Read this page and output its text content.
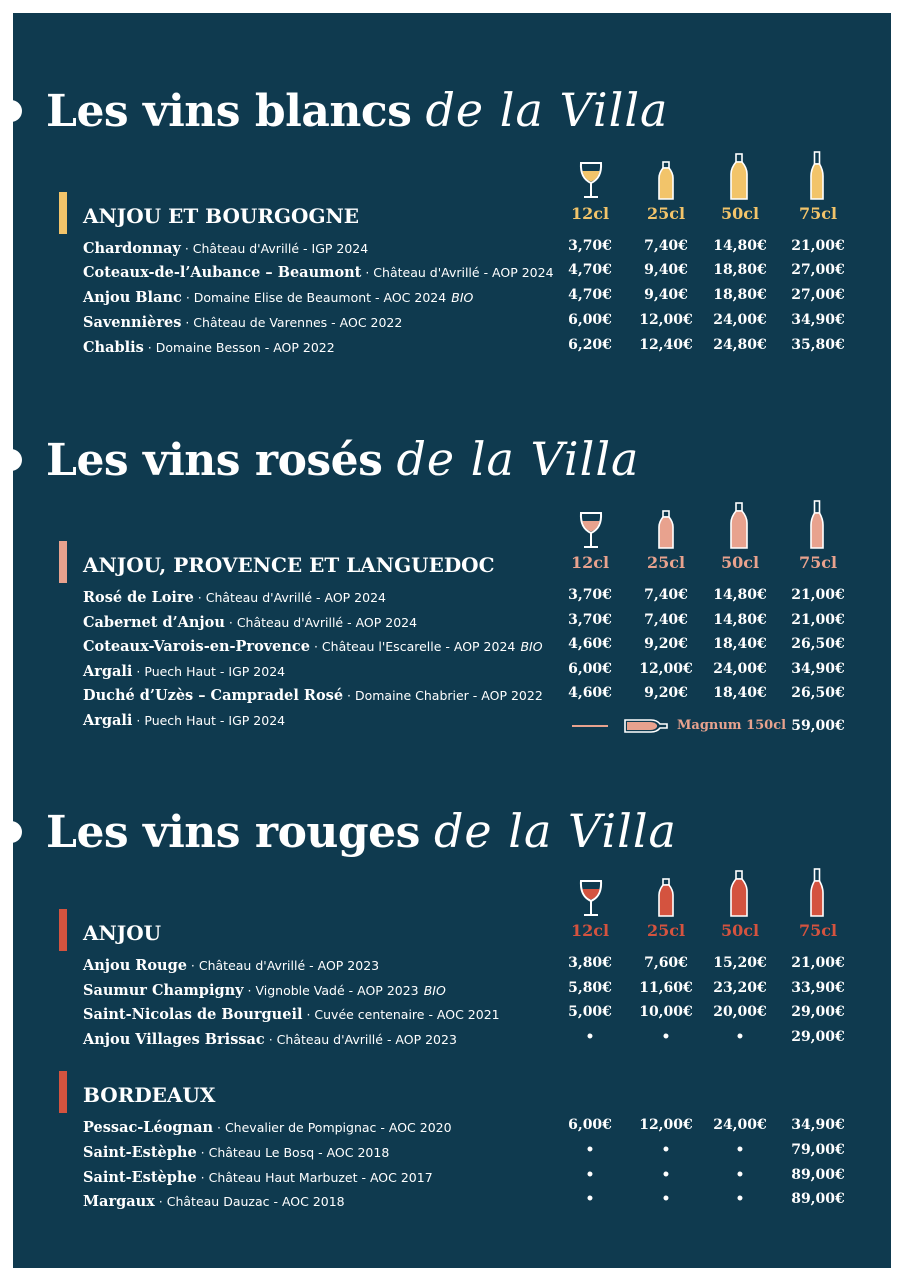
Les vins blancs de la Villa
ANJOU ET BOURGOGNE	12cl	25cl	50cl	75cl
Chardonnay · Château d'Avrillé - IGP 2024	3,70€	7,40€	14,80€	21,00€
Coteaux-de-l’Aubance – Beaumont · Château d'Avrillé - AOP 2024	4,70€	9,40€	18,80€	27,00€
Anjou Blanc · Domaine Elise de Beaumont - AOC 2024 BIO	4,70€	9,40€	18,80€	27,00€
Savennières · Château de Varennes - AOC 2022	6,00€	12,00€	24,00€	34,90€
Chablis · Domaine Besson - AOP 2022	6,20€	12,40€	24,80€	35,80€
Les vins rosés de la Villa
ANJOU, PROVENCE ET LANGUEDOC	12cl	25cl	50cl	75cl
Rosé de Loire · Château d'Avrillé - AOP 2024	3,70€	7,40€	14,80€	21,00€
Cabernet d’Anjou · Château d'Avrillé - AOP 2024	3,70€	7,40€	14,80€	21,00€
Coteaux-Varois-en-Provence · Château l'Escarelle - AOP 2024 BIO	4,60€	9,20€	18,40€	26,50€
Argali · Puech Haut - IGP 2024	6,00€	12,00€	24,00€	34,90€
Duché d’Uzès – Campradel Rosé · Domaine Chabrier - AOP 2022	4,60€	9,20€	18,40€	26,50€
Argali · Puech Haut - IGP 2024	Magnum 150cl 59,00€
Les vins rouges de la Villa
ANJOU	12cl	25cl	50cl	75cl
Anjou Rouge · Château d'Avrillé - AOP 2023	3,80€	7,60€	15,20€	21,00€
Saumur Champigny · Vignoble Vadé - AOP 2023 BIO	5,80€	11,60€	23,20€	33,90€
Saint-Nicolas de Bourgueil · Cuvée centenaire - AOC 2021	5,00€	10,00€	20,00€	29,00€
Anjou Villages Brissac · Château d'Avrillé - AOP 2023	•	•	•	29,00€
BORDEAUX
Pessac-Léognan · Chevalier de Pompignac - AOC 2020	6,00€	12,00€	24,00€	34,90€
Saint-Estèphe · Château Le Bosq - AOC 2018	•	•	•	79,00€
Saint-Estèphe · Château Haut Marbuzet - AOC 2017	•	•	•	89,00€
Margaux · Château Dauzac - AOC 2018	•	•	•	89,00€
